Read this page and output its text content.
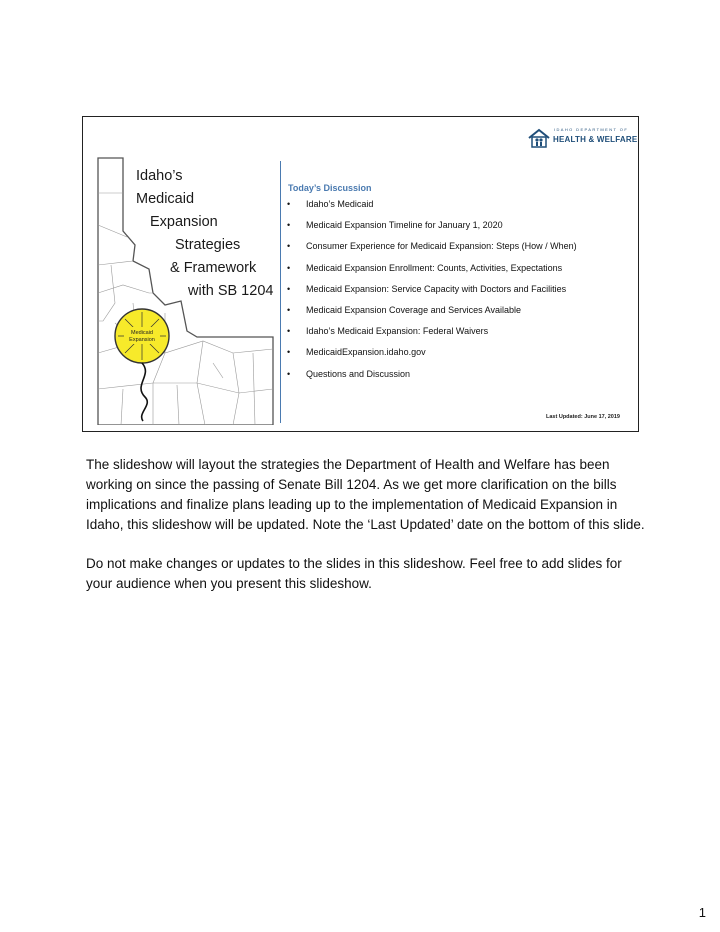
IDAHO DEPARTMENT OF
HEALTH & WELFARE
Medicaid
Expansion
Idaho’s
Medicaid
Expansion
Strategies
& Framework
with SB 1204
Today’s Discussion
• Idaho’s Medicaid
• Medicaid Expansion Timeline for January 1, 2020
• Consumer Experience for Medicaid Expansion: Steps (How / When)
• Medicaid Expansion Enrollment: Counts, Activities, Expectations
• Medicaid Expansion: Service Capacity with Doctors and Facilities
• Medicaid Expansion Coverage and Services Available
• Idaho’s Medicaid Expansion: Federal Waivers
• MedicaidExpansion.idaho.gov
• Questions and Discussion
Last Updated: June 17, 2019

The slideshow will layout the strategies the Department of Health and Welfare has been working on since the passing of Senate Bill 1204. As we get more clarification on the bills implications and finalize plans leading up to the implementation of Medicaid Expansion in Idaho, this slideshow will be updated. Note the ‘Last Updated’ date on the bottom of this slide.

Do not make changes or updates to the slides in this slideshow. Feel free to add slides for your audience when you present this slideshow.

1
